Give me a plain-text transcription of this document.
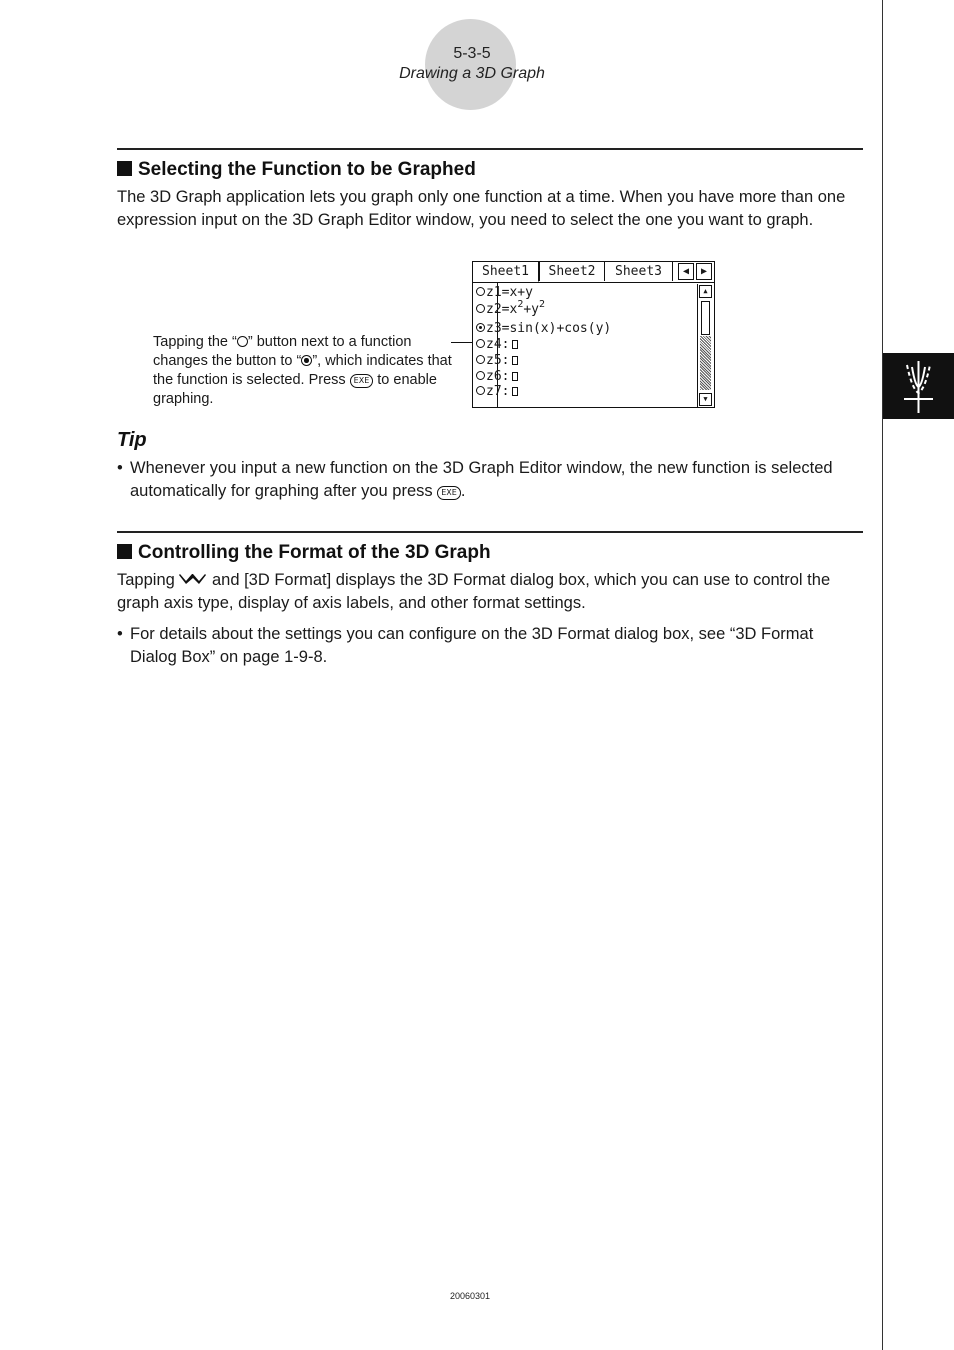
5-3-5
Drawing a 3D Graph
Selecting the Function to be Graphed
The 3D Graph application lets you graph only one function at a time. When you have more than one expression input on the 3D Graph Editor window, you need to select the one you want to graph.
Tapping the “ ” button next to a function changes the button to “ ”, which indicates that the function is selected. Press EXE to enable graphing.
Sheet1	Sheet2	Sheet3	◀	▶
z1=x+y
$z2=x^2+y^2$
z3=sin(x)+cos(y)
z4:
z5:
z6:
z7:
▲
▼
Tip
• Whenever you input a new function on the 3D Graph Editor window, the new function is selected automatically for graphing after you press EXE .
Controlling the Format of the 3D Graph
Tapping  and [3D Format] displays the 3D Format dialog box, which you can use to control the graph axis type, display of axis labels, and other format settings.
• For details about the settings you can configure on the 3D Format dialog box, see “3D Format Dialog Box” on page 1-9-8.
20060301
